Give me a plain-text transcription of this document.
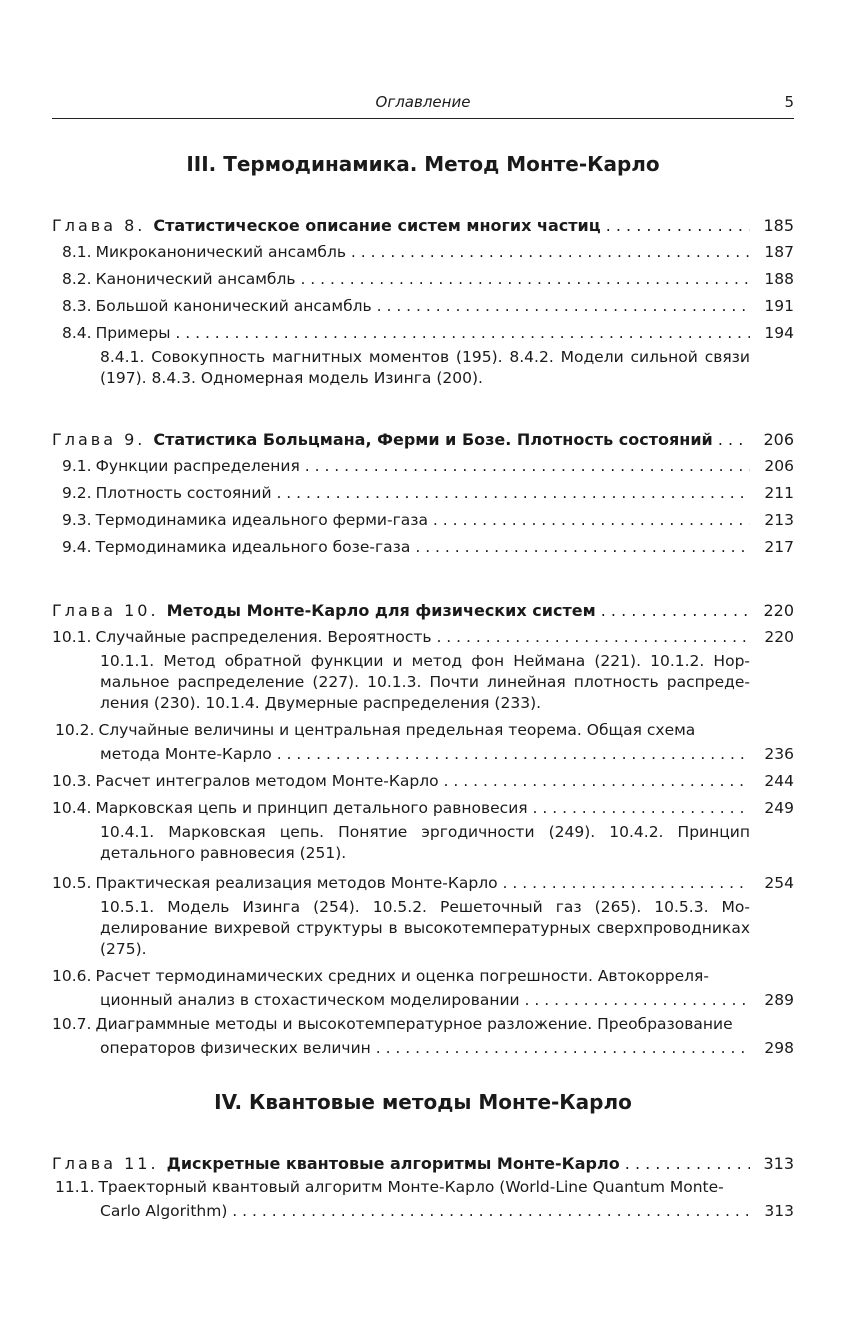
Оглавление	5
III. Термодинамика. Метод Монте-Карло
Глава 8. Статистическое описание систем многих частиц . . .	185
8.1. Микроканонический ансамбль . . .	187
8.2. Канонический ансамбль . . .	188
8.3. Большой канонический ансамбль . . .	191
8.4. Примеры . . .	194
8.4.1. Совокупность магнитных моментов (195). 8.4.2. Модели сильной связи (197). 8.4.3. Одномерная модель Изинга (200).
Глава 9. Статистика Больцмана, Ферми и Бозе. Плотность состояний . . .	206
9.1. Функции распределения . . .	206
9.2. Плотность состояний . . .	211
9.3. Термодинамика идеального ферми-газа . . .	213
9.4. Термодинамика идеального бозе-газа . . .	217
Глава 10. Методы Монте-Карло для физических систем . . .	220
10.1. Случайные распределения. Вероятность . . .	220
10.1.1. Метод обратной функции и метод фон Неймана (221). 10.1.2. Нормальное распределение (227). 10.1.3. Почти линейная плотность распределения (230). 10.1.4. Двумерные распределения (233).
10.2. Случайные величины и центральная предельная теорема. Общая схема
метода Монте-Карло . . .	236
10.3. Расчет интегралов методом Монте-Карло . . .	244
10.4. Марковская цепь и принцип детального равновесия . . .	249
10.4.1. Марковская цепь. Понятие эргодичности (249). 10.4.2. Принцип детального равновесия (251).
10.5. Практическая реализация методов Монте-Карло . . .	254
10.5.1. Модель Изинга (254). 10.5.2. Решеточный газ (265). 10.5.3. Моделирование вихревой структуры в высокотемпературных сверхпроводниках (275).
10.6. Расчет термодинамических средних и оценка погрешности. Автокорреля-
ционный анализ в стохастическом моделировании . . .	289
10.7. Диаграммные методы и высокотемпературное разложение. Преобразование
операторов физических величин . . .	298
IV. Квантовые методы Монте-Карло
Глава 11. Дискретные квантовые алгоритмы Монте-Карло . . .	313
11.1. Траекторный квантовый алгоритм Монте-Карло (World-Line Quantum Monte-
Carlo Algorithm) . . .	313
